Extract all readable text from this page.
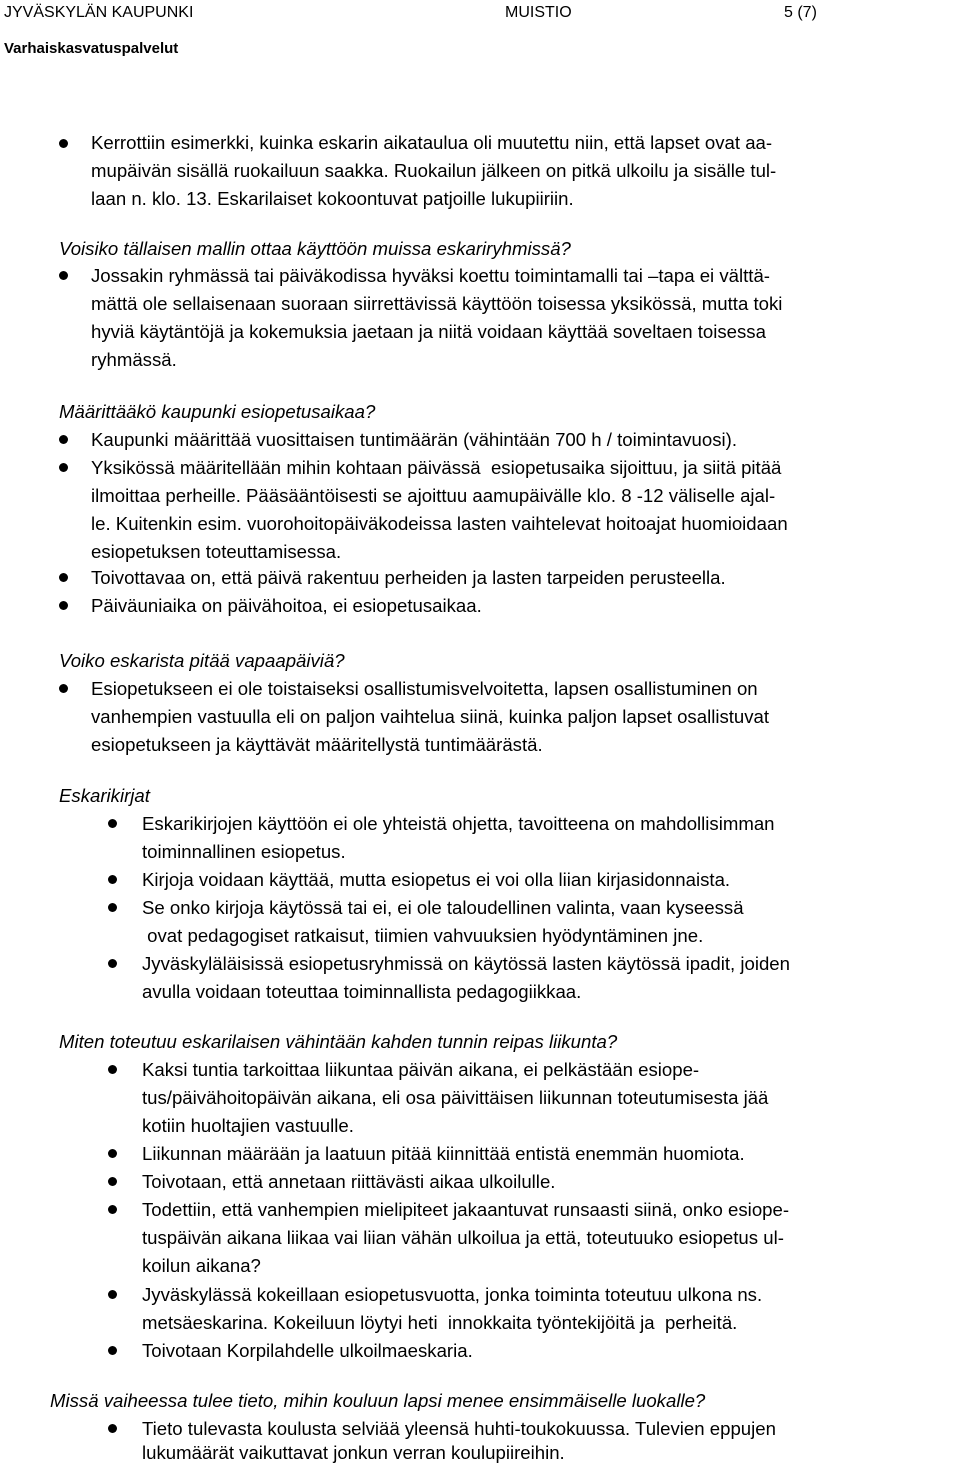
JYVÄSKYLÄN KAUPUNKI	MUISTIO	5 (7)
Varhaiskasvatuspalvelut
Kerrottiin esimerkki, kuinka eskarin aikataulua oli muutettu niin, että lapset ovat aa-
mupäivän sisällä ruokailuun saakka. Ruokailun jälkeen on pitkä ulkoilu ja sisälle tul-
laan n. klo. 13. Eskarilaiset kokoontuvat patjoille lukupiiriin.
Voisiko tällaisen mallin ottaa käyttöön muissa eskariryhmissä?
Jossakin ryhmässä tai päiväkodissa hyväksi koettu toimintamalli tai –tapa ei välttä-
mättä ole sellaisenaan suoraan siirrettävissä käyttöön toisessa yksikössä, mutta toki
hyviä käytäntöjä ja kokemuksia jaetaan ja niitä voidaan käyttää soveltaen toisessa
ryhmässä.
Määrittääkö kaupunki esiopetusaikaa?
Kaupunki määrittää vuosittaisen tuntimäärän (vähintään 700 h / toimintavuosi).
Yksikössä määritellään mihin kohtaan päivässä  esiopetusaika sijoittuu, ja siitä pitää
ilmoittaa perheille. Pääsääntöisesti se ajoittuu aamupäivälle klo. 8 -12 väliselle ajal-
le. Kuitenkin esim. vuorohoitopäiväkodeissa lasten vaihtelevat hoitoajat huomioidaan
esiopetuksen toteuttamisessa.
Toivottavaa on, että päivä rakentuu perheiden ja lasten tarpeiden perusteella.
Päiväuniaika on päivähoitoa, ei esiopetusaikaa.
Voiko eskarista pitää vapaapäiviä?
Esiopetukseen ei ole toistaiseksi osallistumisvelvoitetta, lapsen osallistuminen on
vanhempien vastuulla eli on paljon vaihtelua siinä, kuinka paljon lapset osallistuvat
esiopetukseen ja käyttävät määritellystä tuntimäärästä.
Eskarikirjat
Eskarikirjojen käyttöön ei ole yhteistä ohjetta, tavoitteena on mahdollisimman
toiminnallinen esiopetus.
Kirjoja voidaan käyttää, mutta esiopetus ei voi olla liian kirjasidonnaista.
Se onko kirjoja käytössä tai ei, ei ole taloudellinen valinta, vaan kyseessä
ovat pedagogiset ratkaisut, tiimien vahvuuksien hyödyntäminen jne.
Jyväskyläläisissä esiopetusryhmissä on käytössä lasten käytössä ipadit, joiden
avulla voidaan toteuttaa toiminnallista pedagogiikkaa.
Miten toteutuu eskarilaisen vähintään kahden tunnin reipas liikunta?
Kaksi tuntia tarkoittaa liikuntaa päivän aikana, ei pelkästään esiope-
tus/päivähoitopäivän aikana, eli osa päivittäisen liikunnan toteutumisesta jää
kotiin huoltajien vastuulle.
Liikunnan määrään ja laatuun pitää kiinnittää entistä enemmän huomiota.
Toivotaan, että annetaan riittävästi aikaa ulkoilulle.
Todettiin, että vanhempien mielipiteet jakaantuvat runsaasti siinä, onko esiope-
tuspäivän aikana liikaa vai liian vähän ulkoilua ja että, toteutuuko esiopetus ul-
koilun aikana?
Jyväskylässä kokeillaan esiopetusvuotta, jonka toiminta toteutuu ulkona ns.
metsäeskarina. Kokeiluun löytyi heti  innokkaita työntekijöitä ja  perheitä.
Toivotaan Korpilahdelle ulkoilmaeskaria.
Missä vaiheessa tulee tieto, mihin kouluun lapsi menee ensimmäiselle luokalle?
Tieto tulevasta koulusta selviää yleensä huhti-toukokuussa. Tulevien eppujen
lukumäärät vaikuttavat jonkun verran koulupiireihin.
